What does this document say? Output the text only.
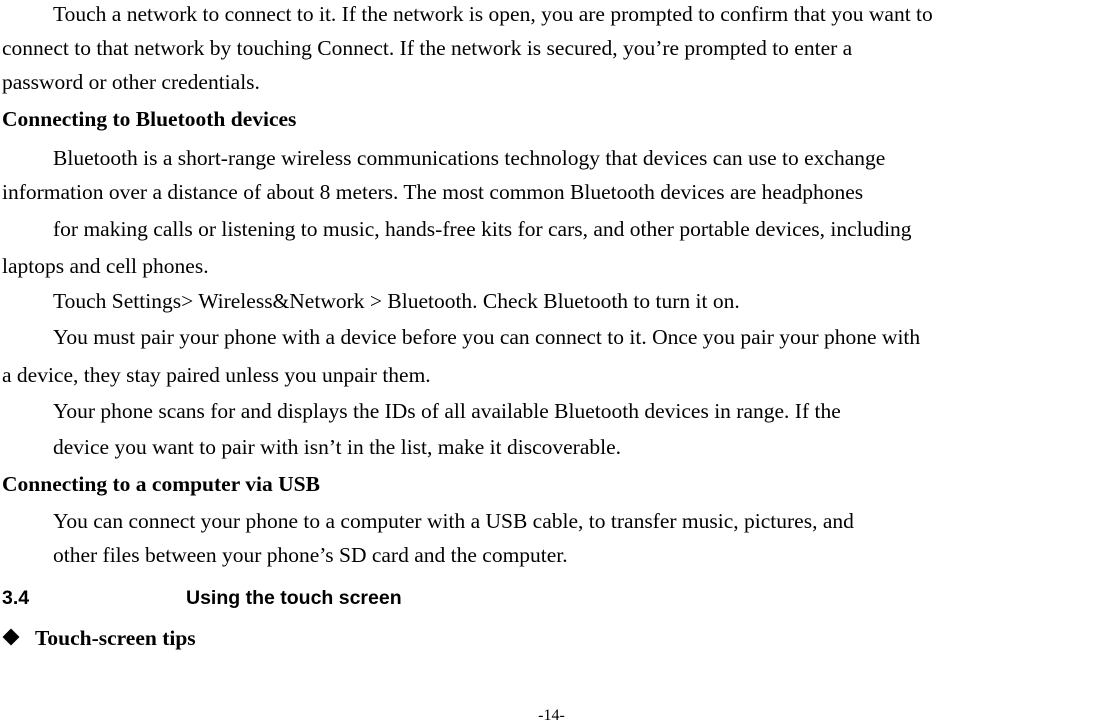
Touch a network to connect to it. If the network is open, you are prompted to confirm that you want to
connect to that network by touching Connect. If the network is secured, you’re prompted to enter a
password or other credentials.
Connecting to Bluetooth devices
Bluetooth is a short-range wireless communications technology that devices can use to exchange
information over a distance of about 8 meters. The most common Bluetooth devices are headphones
for making calls or listening to music, hands-free kits for cars, and other portable devices, including
laptops and cell phones.
Touch Settings> Wireless&Network > Bluetooth. Check Bluetooth to turn it on.
You must pair your phone with a device before you can connect to it. Once you pair your phone with
a device, they stay paired unless you unpair them.
Your phone scans for and displays the IDs of all available Bluetooth devices in range. If the
device you want to pair with isn’t in the list, make it discoverable.
Connecting to a computer via USB
You can connect your phone to a computer with a USB cable, to transfer music, pictures, and
other files between your phone’s SD card and the computer.
3.4	Using the touch screen
Touch-screen tips
-14-
